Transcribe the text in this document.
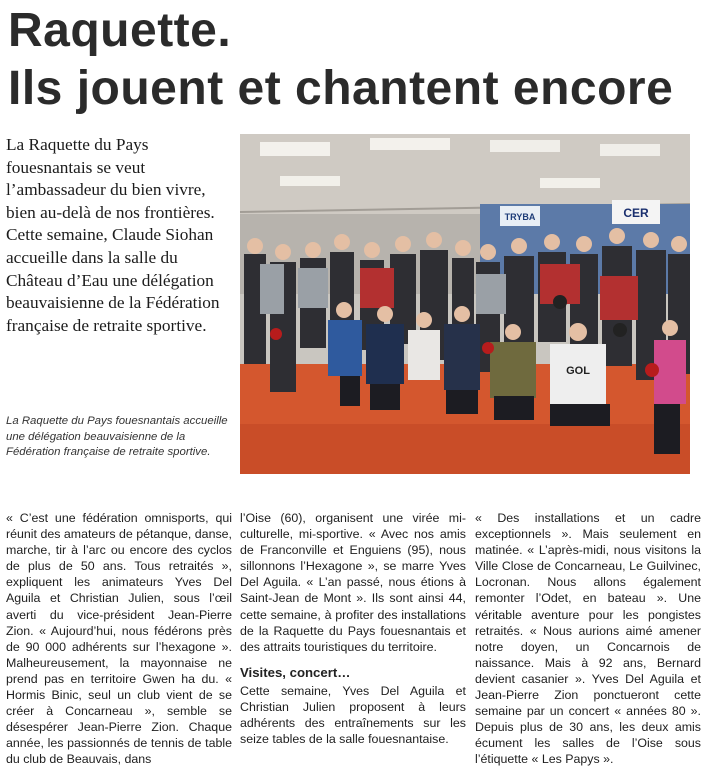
Raquette.
Ils jouent et chantent encore
La Raquette du Pays fouesnantais se veut l’ambassadeur du bien vivre, bien au-delà de nos frontières. Cette semaine, Claude Siohan accueille dans la salle du Château d’Eau une délégation beauvaisienne de la Fédération française de retraite sportive.
TRYBA	CER
GOL
La Raquette du Pays fouesnantais accueille une délégation beauvaisienne de la Fédération française de retraite sportive.

« C’est une fédération omnisports, qui réunit des amateurs de pétanque, danse, marche, tir à l’arc ou encore des cyclos de plus de 50 ans. Tous retraités », expliquent les animateurs Yves Del Aguila et Christian Julien, sous l’œil averti du vice-président Jean-Pierre Zion. « Aujourd’hui, nous fédérons près de 90 000 adhérents sur l’hexagone ». Malheureusement, la mayonnaise ne prend pas en territoire Gwen ha du. « Hormis Binic, seul un club vient de se créer à Concarneau », semble se désespérer Jean-Pierre Zion. Chaque année, les passionnés de tennis de table du club de Beauvais, dans

l’Oise (60), organisent une virée mi-culturelle, mi-sportive. « Avec nos amis de Franconville et Enguiens (95), nous sillonnons l’Hexagone », se marre Yves Del Aguila. « L’an passé, nous étions à Saint-Jean de Mont ». Ils sont ainsi 44, cette semaine, à profiter des installations de la Raquette du Pays fouesnantais et des attraits touristiques du territoire.

Visites, concert…

Cette semaine, Yves Del Aguila et Christian Julien proposent à leurs adhérents des entraînements sur les seize tables de la salle fouesnantaise.

« Des installations et un cadre exceptionnels ». Mais seulement en matinée. « L’après-midi, nous visitons la Ville Close de Concarneau, Le Guilvinec, Locronan. Nous allons également remonter l’Odet, en bateau ». Une véritable aventure pour les pongistes retraités. « Nous aurions aimé amener notre doyen, un Concarnois de naissance. Mais à 92 ans, Bernard devient casanier ». Yves Del Aguila et Jean-Pierre Zion ponctueront cette semaine par un concert « années 80 ». Depuis plus de 30 ans, les deux amis écument les salles de l’Oise sous l’étiquette « Les Papys ».
